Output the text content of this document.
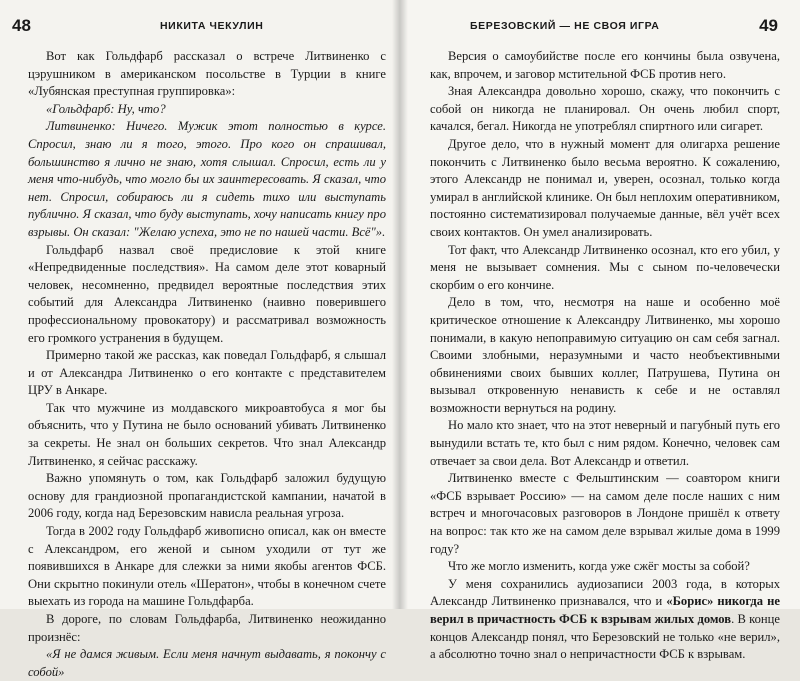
48	НИКИТА ЧЕКУЛИН

Вот как Гольдфарб рассказал о встрече Литвиненко с цэрушником в американском посольстве в Турции в книге «Лубянская преступная группировка»:

«Гольдфарб: Ну, что?

Литвиненко: Ничего. Мужик этот полностью в курсе. Спросил, знаю ли я того, этого. Про кого он спрашивал, большинство я лично не знаю, хотя слышал. Спросил, есть ли у меня что-нибудь, что могло бы их заинтересовать. Я сказал, что нет. Спросил, собираюсь ли я сидеть тихо или выступать публично. Я сказал, что буду выступать, хочу написать книгу про взрывы. Он сказал: "Желаю успеха, это не по нашей части. Всё"».

Гольдфарб назвал своё предисловие к этой книге «Непредвиденные последствия». На самом деле этот коварный человек, несомненно, предвидел вероятные последствия этих событий для Александра Литвиненко (наивно поверившего профессиональному провокатору) и рассматривал возможность его громкого устранения в будущем.

Примерно такой же рассказ, как поведал Гольдфарб, я слышал и от Александра Литвиненко о его контакте с представителем ЦРУ в Анкаре.

Так что мужчине из молдавского микроавтобуса я мог бы объяснить, что у Путина не было оснований убивать Литвиненко за секреты. Не знал он больших секретов. Что знал Александр Литвиненко, я сейчас расскажу.

Важно упомянуть о том, как Гольдфарб заложил будущую основу для грандиозной пропагандистской кампании, начатой в 2006 году, когда над Березовским нависла реальная угроза.

Тогда в 2002 году Гольдфарб живописно описал, как он вместе с Александром, его женой и сыном уходили от тут же появившихся в Анкаре для слежки за ними якобы агентов ФСБ. Они скрытно покинули отель «Шератон», чтобы в конечном счете выехать из города на машине Гольдфарба.

В дороге, по словам Гольдфарба, Литвиненко неожиданно произнёс:

«Я не дамся живым. Если меня начнут выдавать, я покончу с собой»

БЕРЕЗОВСКИЙ — НЕ СВОЯ ИГРА	49

Версия о самоубийстве после его кончины была озвучена, как, впрочем, и заговор мстительной ФСБ против него.

Зная Александра довольно хорошо, скажу, что покончить с собой он никогда не планировал. Он очень любил спорт, качался, бегал. Никогда не употреблял спиртного или сигарет.

Другое дело, что в нужный момент для олигарха решение покончить с Литвиненко было весьма вероятно. К сожалению, этого Александр не понимал и, уверен, осознал, только когда умирал в английской клинике. Он был неплохим оперативником, постоянно систематизировал получаемые данные, вёл учёт всех своих контактов. Он умел анализировать.

Тот факт, что Александр Литвиненко осознал, кто его убил, у меня не вызывает сомнения. Мы с сыном по-человечески скорбим о его кончине.

Дело в том, что, несмотря на наше и особенно моё критическое отношение к Александру Литвиненко, мы хорошо понимали, в какую непоправимую ситуацию он сам себя загнал. Своими злобными, неразумными и часто необъективными обвинениями своих бывших коллег, Патрушева, Путина он вызывал откровенную ненависть к себе и не оставлял возможности вернуться на родину.

Но мало кто знает, что на этот неверный и пагубный путь его вынудили встать те, кто был с ним рядом. Конечно, человек сам отвечает за свои дела. Вот Александр и ответил.

Литвиненко вместе с Фельштинским — соавтором книги «ФСБ взрывает Россию» — на самом деле после наших с ним встреч и многочасовых разговоров в Лондоне пришёл к ответу на вопрос: так кто же на самом деле взрывал жилые дома в 1999 году?

Что же могло изменить, когда уже сжёг мосты за собой?

У меня сохранились аудиозаписи 2003 года, в которых Александр Литвиненко признавался, что и «Борис» никогда не верил в причастность ФСБ к взрывам жилых домов. В конце концов Александр понял, что Березовский не только «не верил», а абсолютно точно знал о непричастности ФСБ к взрывам.
